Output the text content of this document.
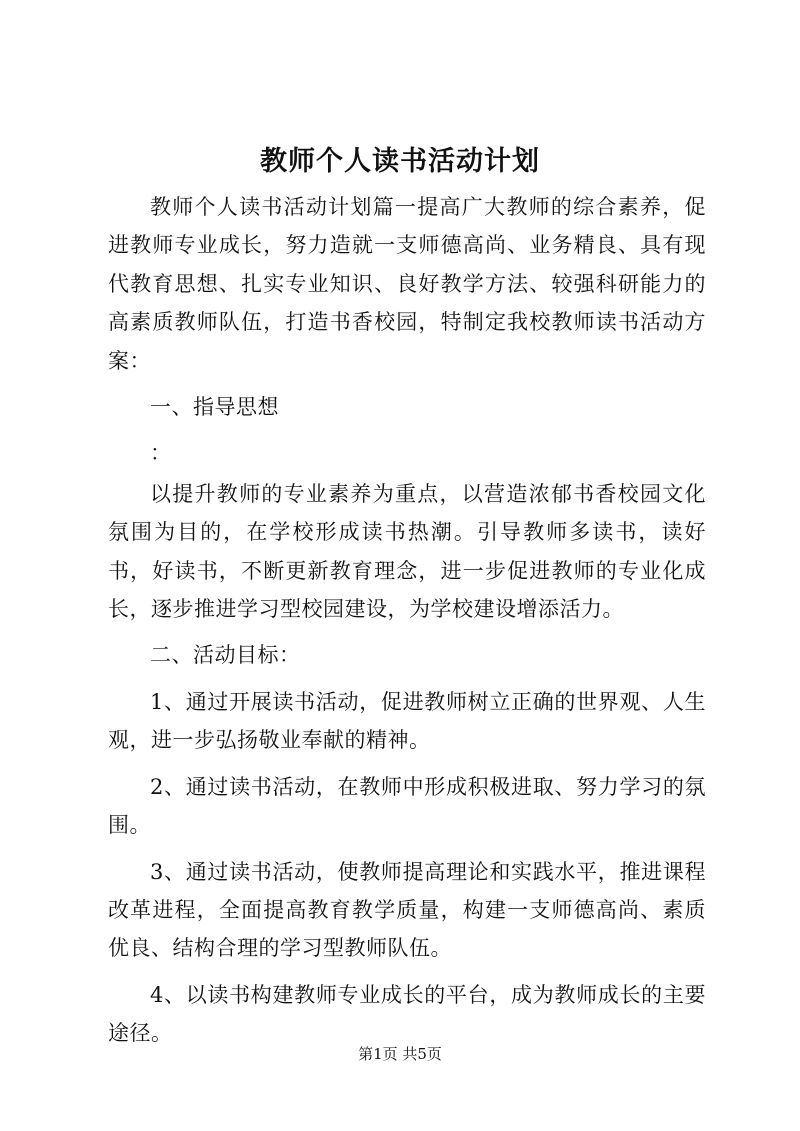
教师个人读书活动计划

教师个人读书活动计划篇一提高广大教师的综合素养，促进教师专业成长，努力造就一支师德高尚、业务精良、具有现代教育思想、扎实专业知识、良好教学方法、较强科研能力的高素质教师队伍，打造书香校园，特制定我校教师读书活动方案：

一、指导思想

：

以提升教师的专业素养为重点，以营造浓郁书香校园文化氛围为目的，在学校形成读书热潮。引导教师多读书，读好书，好读书，不断更新教育理念，进一步促进教师的专业化成长，逐步推进学习型校园建设，为学校建设增添活力。

二、活动目标：

1、通过开展读书活动，促进教师树立正确的世界观、人生观，进一步弘扬敬业奉献的精神。

2、通过读书活动，在教师中形成积极进取、努力学习的氛围。

3、通过读书活动，使教师提高理论和实践水平，推进课程改革进程，全面提高教育教学质量，构建一支师德高尚、素质优良、结构合理的学习型教师队伍。

4、以读书构建教师专业成长的平台，成为教师成长的主要途径。

第1页 共5页
